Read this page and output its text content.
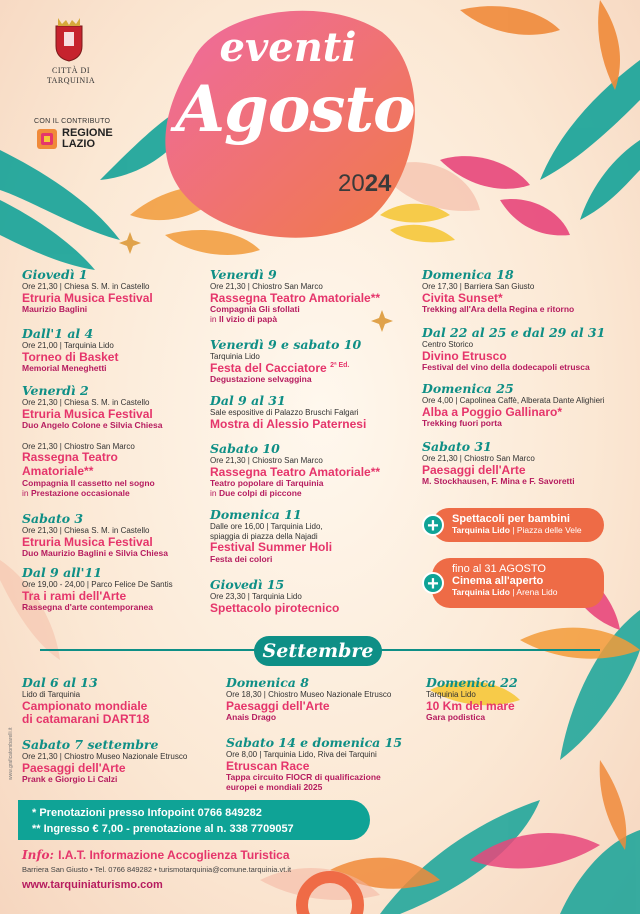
CITTÀ DI TARQUINIA
CON IL CONTRIBUTO
REGIONE
LAZIO
eventi
Agosto
2024
Giovedì 1
Ore 21,30 | Chiesa S. M. in Castello
Etruria Musica Festival
Maurizio Baglini
Dall'1 al 4
Ore 21,00 | Tarquinia Lido
Torneo di Basket
Memorial Meneghetti
Venerdì 2
Ore 21,30 | Chiesa S. M. in Castello
Etruria Musica Festival
Duo Angelo Colone e Silvia Chiesa
Ore 21,30 | Chiostro San Marco
Rassegna Teatro
Amatoriale**
Compagnia Il cassetto nel sogno
in Prestazione occasionale
Sabato 3
Ore 21,30 | Chiesa S. M. in Castello
Etruria Musica Festival
Duo Maurizio Baglini e Silvia Chiesa
Dal 9 all'11
Ore 19,00 - 24,00 | Parco Felice De Santis
Tra i rami dell'Arte
Rassegna d'arte contemporanea
Venerdì 9
Ore 21,30 | Chiostro San Marco
Rassegna Teatro Amatoriale**
Compagnia Gli sfollati
in Il vizio di papà
Venerdì 9 e sabato 10
Tarquinia Lido
Festa del Cacciatore $^{2ª Ed.}$
Degustazione selvaggina
Dal 9 al 31
Sale espositive di Palazzo Bruschi Falgari
Mostra di Alessio Paternesi
Sabato 10
Ore 21,30 | Chiostro San Marco
Rassegna Teatro Amatoriale**
Teatro popolare di Tarquinia
in Due colpi di piccone
Domenica 11
Dalle ore 16,00 | Tarquinia Lido,
spiaggia di piazza della Najadi
Festival Summer Holi
Festa dei colori
Giovedì 15
Ore 23,30 | Tarquinia Lido
Spettacolo pirotecnico
Domenica 18
Ore 17,30 | Barriera San Giusto
Civita Sunset*
Trekking all'Ara della Regina e ritorno
Dal 22 al 25 e dal 29 al 31
Centro Storico
Divino Etrusco
Festival del vino della dodecapoli etrusca
Domenica 25
Ore 4,00 | Capolinea Caffè, Alberata Dante Alighieri
Alba a Poggio Gallinaro*
Trekking fuori porta
Sabato 31
Ore 21,30 | Chiostro San Marco
Paesaggi dell'Arte
M. Stockhausen, F. Mina e F. Savoretti
Spettacoli per bambini
Tarquinia Lido | Piazza delle Vele
+
fino al 31 AGOSTO
Cinema all'aperto
Tarquinia Lido | Arena Lido
+
Settembre
Dal 6 al 13
Lido di Tarquinia
Campionato mondiale
di catamarani DART18
Sabato 7 settembre
Ore 21,30 | Chiostro Museo Nazionale Etrusco
Paesaggi dell'Arte
Prank e Giorgio Li Calzi
Domenica 8
Ore 18,30 | Chiostro Museo Nazionale Etrusco
Paesaggi dell'Arte
Anais Drago
Sabato 14 e domenica 15
Ore 8,00 | Tarquinia Lido, Riva dei Tarquini
Etruscan Race
Tappa circuito FIOCR di qualificazione
europei e mondiali 2025
Domenica 22
Tarquinia Lido
10 Km del mare
Gara podistica
www.graficatombarelli.it
* Prenotazioni presso Infopoint 0766 849282
** Ingresso € 7,00 - prenotazione al n. 338 7709057
Info: I.A.T. Informazione Accoglienza Turistica
Barriera San Giusto • Tel. 0766 849282 • turismotarquinia@comune.tarquinia.vt.it
www.tarquiniaturismo.com
